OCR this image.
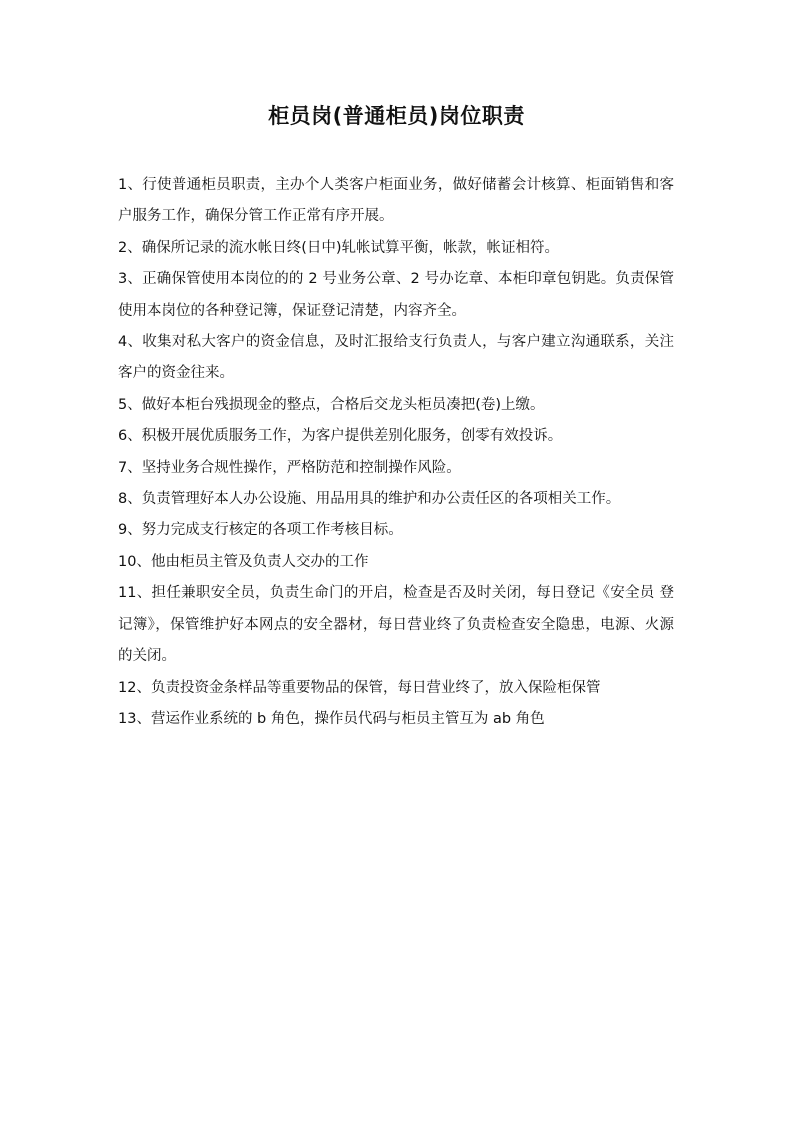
柜员岗(普通柜员)岗位职责
1、行使普通柜员职责，主办个人类客户柜面业务，做好储蓄会计核算、柜面销售和客户服务工作，确保分管工作正常有序开展。
2、确保所记录的流水帐日终(日中)轧帐试算平衡，帐款，帐证相符。
3、正确保管使用本岗位的的 2 号业务公章、2 号办讫章、本柜印章包钥匙。负责保管使用本岗位的各种登记簿，保证登记清楚，内容齐全。
4、收集对私大客户的资金信息，及时汇报给支行负责人，与客户建立沟通联系，关注客户的资金往来。
5、做好本柜台残损现金的整点，合格后交龙头柜员凑把(卷)上缴。
6、积极开展优质服务工作，为客户提供差别化服务，创零有效投诉。
7、坚持业务合规性操作，严格防范和控制操作风险。
8、负责管理好本人办公设施、用品用具的维护和办公责任区的各项相关工作。
9、努力完成支行核定的各项工作考核目标。
10、他由柜员主管及负责人交办的工作
11、担任兼职安全员，负责生命门的开启，检查是否及时关闭，每日登记《安全员 登记簿》，保管维护好本网点的安全器材，每日营业终了负责检查安全隐患，电源、火源的关闭。
12、负责投资金条样品等重要物品的保管，每日营业终了，放入保险柜保管
13、营运作业系统的 b 角色，操作员代码与柜员主管互为 ab 角色
